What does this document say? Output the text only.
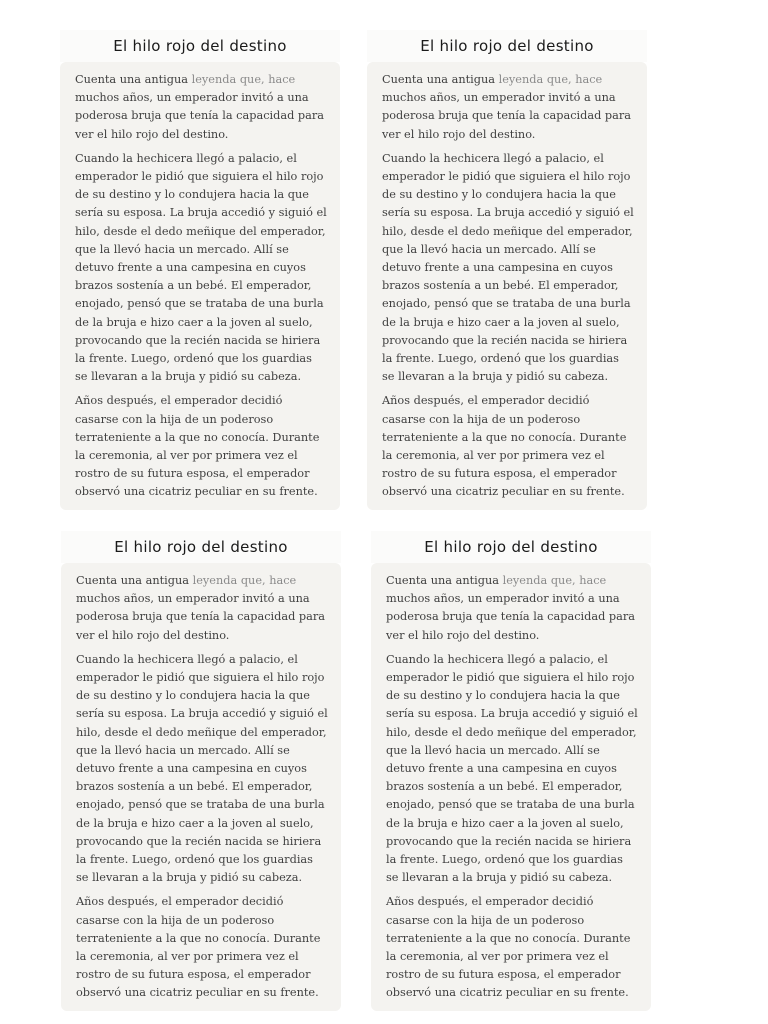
El hilo rojo del destino

Cuenta una antigua leyenda que, hace muchos años, un emperador invitó a una poderosa bruja que tenía la capacidad para ver el hilo rojo del destino.

Cuando la hechicera llegó a palacio, el emperador le pidió que siguiera el hilo rojo de su destino y lo condujera hacia la que sería su esposa. La bruja accedió y siguió el hilo, desde el dedo meñique del emperador, que la llevó hacia un mercado. Allí se detuvo frente a una campesina en cuyos brazos sostenía a un bebé. El emperador, enojado, pensó que se trataba de una burla de la bruja e hizo caer a la joven al suelo, provocando que la recién nacida se hiriera la frente. Luego, ordenó que los guardias se llevaran a la bruja y pidió su cabeza.

Años después, el emperador decidió casarse con la hija de un poderoso terrateniente a la que no conocía. Durante la ceremonia, al ver por primera vez el rostro de su futura esposa, el emperador observó una cicatriz peculiar en su frente.

El hilo rojo del destino

Cuenta una antigua leyenda que, hace muchos años, un emperador invitó a una poderosa bruja que tenía la capacidad para ver el hilo rojo del destino.

Cuando la hechicera llegó a palacio, el emperador le pidió que siguiera el hilo rojo de su destino y lo condujera hacia la que sería su esposa. La bruja accedió y siguió el hilo, desde el dedo meñique del emperador, que la llevó hacia un mercado. Allí se detuvo frente a una campesina en cuyos brazos sostenía a un bebé. El emperador, enojado, pensó que se trataba de una burla de la bruja e hizo caer a la joven al suelo, provocando que la recién nacida se hiriera la frente. Luego, ordenó que los guardias se llevaran a la bruja y pidió su cabeza.

Años después, el emperador decidió casarse con la hija de un poderoso terrateniente a la que no conocía. Durante la ceremonia, al ver por primera vez el rostro de su futura esposa, el emperador observó una cicatriz peculiar en su frente.

El hilo rojo del destino

Cuenta una antigua leyenda que, hace muchos años, un emperador invitó a una poderosa bruja que tenía la capacidad para ver el hilo rojo del destino.

Cuando la hechicera llegó a palacio, el emperador le pidió que siguiera el hilo rojo de su destino y lo condujera hacia la que sería su esposa. La bruja accedió y siguió el hilo, desde el dedo meñique del emperador, que la llevó hacia un mercado. Allí se detuvo frente a una campesina en cuyos brazos sostenía a un bebé. El emperador, enojado, pensó que se trataba de una burla de la bruja e hizo caer a la joven al suelo, provocando que la recién nacida se hiriera la frente. Luego, ordenó que los guardias se llevaran a la bruja y pidió su cabeza.

Años después, el emperador decidió casarse con la hija de un poderoso terrateniente a la que no conocía. Durante la ceremonia, al ver por primera vez el rostro de su futura esposa, el emperador observó una cicatriz peculiar en su frente.

El hilo rojo del destino

Cuenta una antigua leyenda que, hace muchos años, un emperador invitó a una poderosa bruja que tenía la capacidad para ver el hilo rojo del destino.

Cuando la hechicera llegó a palacio, el emperador le pidió que siguiera el hilo rojo de su destino y lo condujera hacia la que sería su esposa. La bruja accedió y siguió el hilo, desde el dedo meñique del emperador, que la llevó hacia un mercado. Allí se detuvo frente a una campesina en cuyos brazos sostenía a un bebé. El emperador, enojado, pensó que se trataba de una burla de la bruja e hizo caer a la joven al suelo, provocando que la recién nacida se hiriera la frente. Luego, ordenó que los guardias se llevaran a la bruja y pidió su cabeza.

Años después, el emperador decidió casarse con la hija de un poderoso terrateniente a la que no conocía. Durante la ceremonia, al ver por primera vez el rostro de su futura esposa, el emperador observó una cicatriz peculiar en su frente.
